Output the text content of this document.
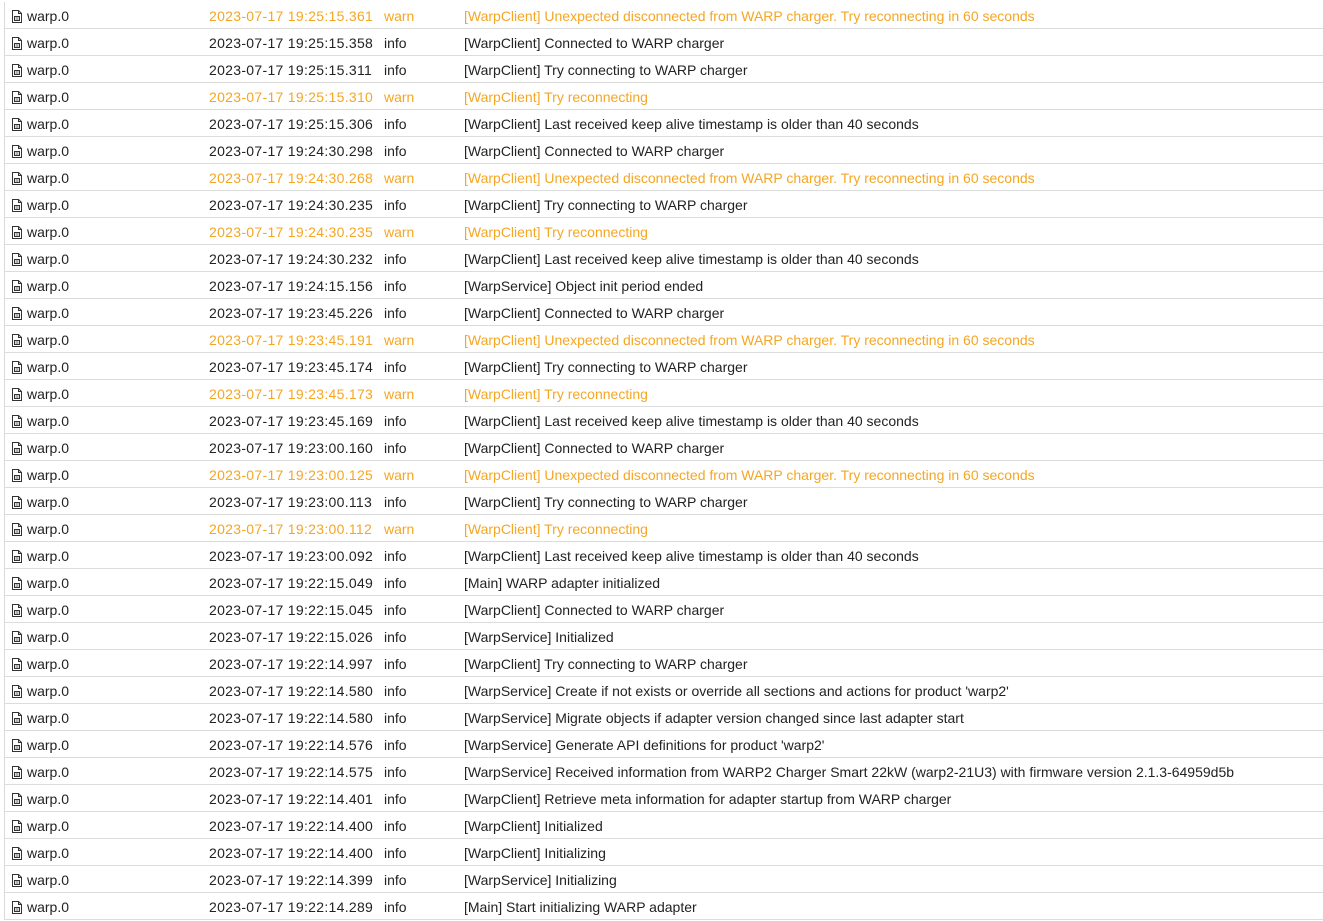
warp.0	2023-07-17 19:25:15.361 warn	[WarpClient] Unexpected disconnected from WARP charger. Try reconnecting in 60 seconds
warp.0	2023-07-17 19:25:15.358 info	[WarpClient] Connected to WARP charger
warp.0	2023-07-17 19:25:15.311 info	[WarpClient] Try connecting to WARP charger
warp.0	2023-07-17 19:25:15.310 warn	[WarpClient] Try reconnecting
warp.0	2023-07-17 19:25:15.306 info	[WarpClient] Last received keep alive timestamp is older than 40 seconds
warp.0	2023-07-17 19:24:30.298 info	[WarpClient] Connected to WARP charger
warp.0	2023-07-17 19:24:30.268 warn	[WarpClient] Unexpected disconnected from WARP charger. Try reconnecting in 60 seconds
warp.0	2023-07-17 19:24:30.235 info	[WarpClient] Try connecting to WARP charger
warp.0	2023-07-17 19:24:30.235 warn	[WarpClient] Try reconnecting
warp.0	2023-07-17 19:24:30.232 info	[WarpClient] Last received keep alive timestamp is older than 40 seconds
warp.0	2023-07-17 19:24:15.156 info	[WarpService] Object init period ended
warp.0	2023-07-17 19:23:45.226 info	[WarpClient] Connected to WARP charger
warp.0	2023-07-17 19:23:45.191 warn	[WarpClient] Unexpected disconnected from WARP charger. Try reconnecting in 60 seconds
warp.0	2023-07-17 19:23:45.174 info	[WarpClient] Try connecting to WARP charger
warp.0	2023-07-17 19:23:45.173 warn	[WarpClient] Try reconnecting
warp.0	2023-07-17 19:23:45.169 info	[WarpClient] Last received keep alive timestamp is older than 40 seconds
warp.0	2023-07-17 19:23:00.160 info	[WarpClient] Connected to WARP charger
warp.0	2023-07-17 19:23:00.125 warn	[WarpClient] Unexpected disconnected from WARP charger. Try reconnecting in 60 seconds
warp.0	2023-07-17 19:23:00.113 info	[WarpClient] Try connecting to WARP charger
warp.0	2023-07-17 19:23:00.112 warn	[WarpClient] Try reconnecting
warp.0	2023-07-17 19:23:00.092 info	[WarpClient] Last received keep alive timestamp is older than 40 seconds
warp.0	2023-07-17 19:22:15.049 info	[Main] WARP adapter initialized
warp.0	2023-07-17 19:22:15.045 info	[WarpClient] Connected to WARP charger
warp.0	2023-07-17 19:22:15.026 info	[WarpService] Initialized
warp.0	2023-07-17 19:22:14.997 info	[WarpClient] Try connecting to WARP charger
warp.0	2023-07-17 19:22:14.580 info	[WarpService] Create if not exists or override all sections and actions for product 'warp2'
warp.0	2023-07-17 19:22:14.580 info	[WarpService] Migrate objects if adapter version changed since last adapter start
warp.0	2023-07-17 19:22:14.576 info	[WarpService] Generate API definitions for product 'warp2'
warp.0	2023-07-17 19:22:14.575 info	[WarpService] Received information from WARP2 Charger Smart 22kW (warp2-21U3) with firmware version 2.1.3-64959d5b
warp.0	2023-07-17 19:22:14.401 info	[WarpClient] Retrieve meta information for adapter startup from WARP charger
warp.0	2023-07-17 19:22:14.400 info	[WarpClient] Initialized
warp.0	2023-07-17 19:22:14.400 info	[WarpClient] Initializing
warp.0	2023-07-17 19:22:14.399 info	[WarpService] Initializing
warp.0	2023-07-17 19:22:14.289 info	[Main] Start initializing WARP adapter
